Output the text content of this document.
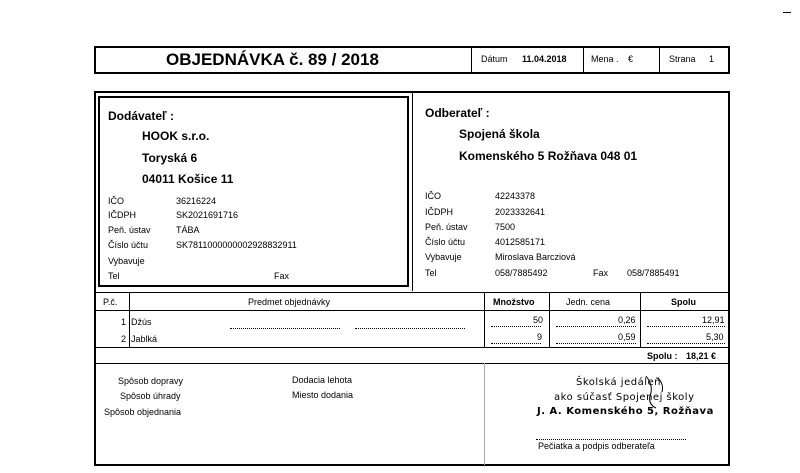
OBJEDNÁVKA č. 89 / 2018	Dátum 11.04.2018	Mena . €	Strana 1
Dodávateľ :
HOOK s.r.o.
Toryská 6
04011 Košice 11
IČO	36216224
IČDPH	SK2021691716
Peň. ústav	TÁBA
Číslo účtu	SK7811000000002928832911
Vybavuje
Tel	Fax
Odberateľ :
Spojená škola
Komenského 5 Rožňava 048 01
IČO	42243378
IČDPH	2023332641
Peň. ústav	7500
Číslo účtu	4012585171
Vybavuje	Miroslava Barcziová
Tel	058/7885492	Fax 058/7885491
P.č.	Predmet objednávky	Množstvo	Jedn. cena	Spolu
1 Džús	50	0,26	12,91
2 Jablká	9	0,59	5,30
Spolu : 18,21 €
Spôsob dopravy
Spôsob úhrady
Spôsob objednania
Dodacia lehota
Miesto dodania
Školská jedáleň
ako súčasť Spojenej školy
J. A. Komenského 5, Rožňava
Pečiatka a podpis odberateľa
